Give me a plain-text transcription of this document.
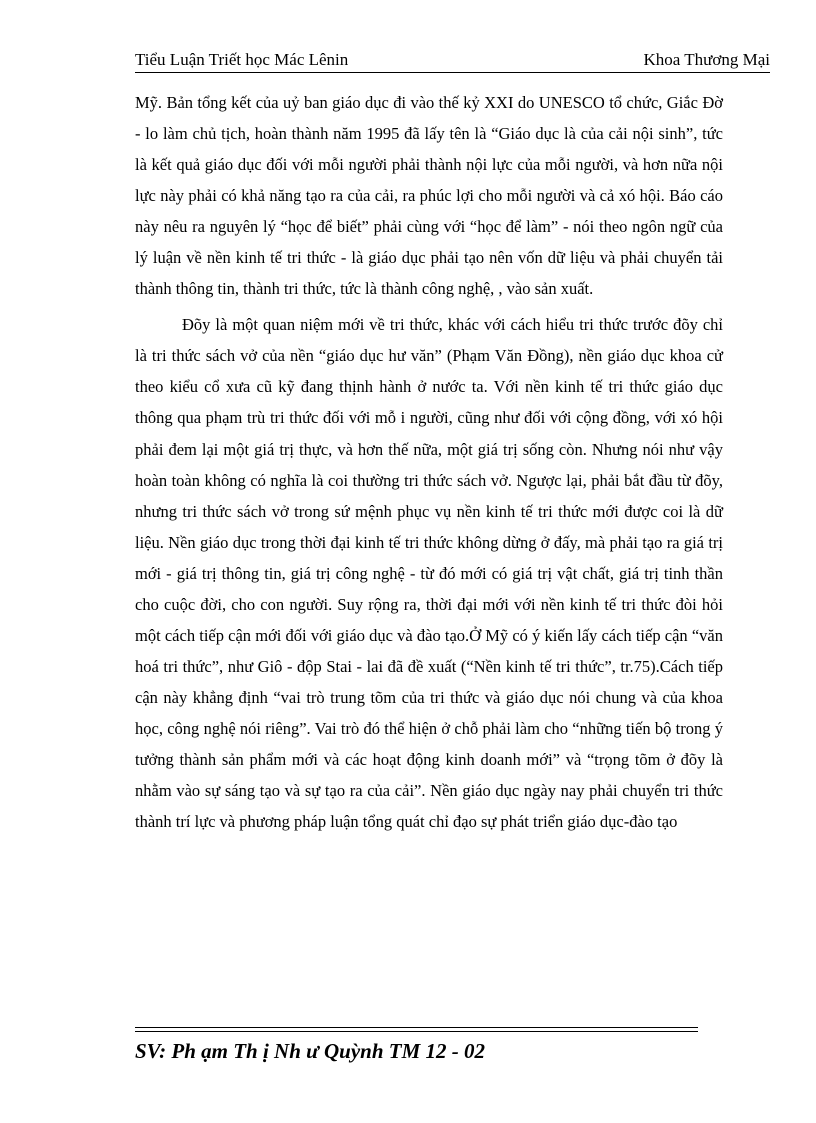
Tiểu Luận Triết học Mác Lênin	Khoa Thương Mại

Mỹ. Bản tổng kết của uỷ ban giáo dục đi vào thế kỷ XXI do UNESCO tổ chức, Giắc Đờ - lo làm chủ tịch, hoàn thành năm 1995 đã lấy tên là “Giáo dục là của cải nội sinh”, tức là kết quả giáo dục đối với mỗi người phải thành nội lực của mỗi người, và hơn nữa nội lực này phải có khả năng tạo ra của cải, ra phúc lợi cho mỗi người và cả xó hội. Báo cáo này nêu ra nguyên lý “học để biết” phải cùng với “học để làm” - nói theo ngôn ngữ của lý luận về nền kinh tế tri thức - là giáo dục phải tạo nên vốn dữ liệu và phải chuyển tải thành thông tin, thành tri thức, tức là thành công nghệ, , vào sản xuất.

Đõy là một quan niệm mới về tri thức, khác với cách hiểu tri thức trước đõy chỉ là tri thức sách vở của nền “giáo dục hư văn” (Phạm Văn Đồng), nền giáo dục khoa cử theo kiểu cổ xưa cũ kỹ đang thịnh hành ở nước ta. Với nền kinh tế tri thức giáo dục thông qua phạm trù tri thức đối với mỗ i người, cũng như đối với cộng đồng, với xó hội phải đem lại một giá trị thực, và hơn thế nữa, một giá trị sống còn. Nhưng nói như vậy hoàn toàn không có nghĩa là coi thường tri thức sách vở. Ngược lại, phải bắt đầu từ đõy, nhưng tri thức sách vở trong sứ mệnh phục vụ nền kinh tế tri thức mới được coi là dữ liệu. Nền giáo dục trong thời đại kinh tế tri thức không dừng ở đấy, mà phải tạo ra giá trị mới - giá trị thông tin, giá trị công nghệ - từ đó mới có giá trị vật chất, giá trị tinh thần cho cuộc đời, cho con người. Suy rộng ra, thời đại mới với nền kinh tế tri thức đòi hỏi một cách tiếp cận mới đối với giáo dục và đào tạo.Ở Mỹ có ý kiến lấy cách tiếp cận “văn hoá tri thức”, như Giô - độp Stai - lai đã đề xuất (“Nền kinh tế tri thức”, tr.75).Cách tiếp cận này khẳng định “vai trò trung tõm của tri thức và giáo dục nói chung và của khoa học, công nghệ nói riêng”. Vai trò đó thể hiện ở chỗ phải làm cho “những tiến bộ trong ý tưởng thành sản phẩm mới và các hoạt động kinh doanh mới” và “trọng tõm ở đõy là nhằm vào sự sáng tạo và sự tạo ra của cải”. Nền giáo dục ngày nay phải chuyển tri thức thành trí lực và phương pháp luận tổng quát chỉ đạo sự phát triển giáo dục-đào tạo

SV: Ph ạm Th ị Nh ư Quỳnh TM 12 - 02
